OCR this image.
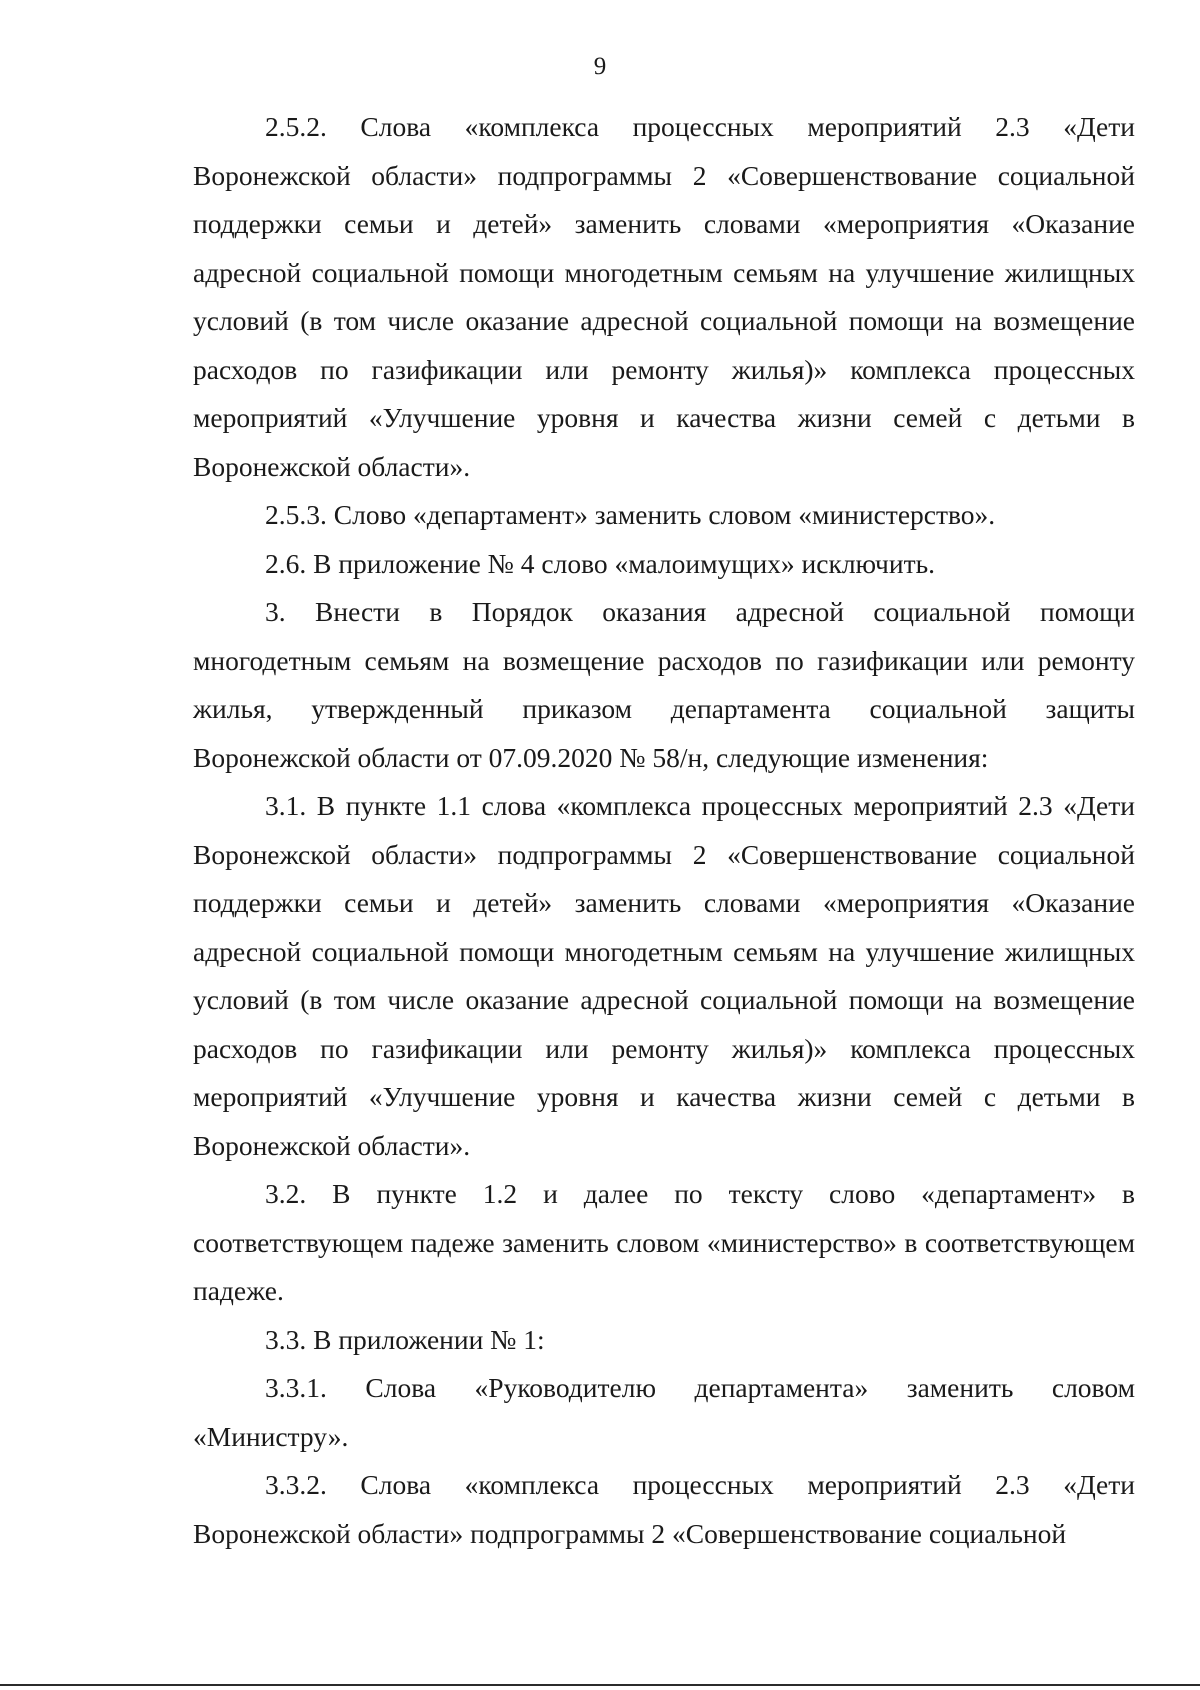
9

2.5.2. Слова «комплекса процессных мероприятий 2.3 «Дети Воронежской области» подпрограммы 2 «Совершенствование социальной поддержки семьи и детей» заменить словами «мероприятия «Оказание адресной социальной помощи многодетным семьям на улучшение жилищных условий (в том числе оказание адресной социальной помощи на возмещение расходов по газификации или ремонту жилья)» комплекса процессных мероприятий «Улучшение уровня и качества жизни семей с детьми в Воронежской области».

2.5.3. Слово «департамент» заменить словом «министерство».

2.6. В приложение № 4 слово «малоимущих» исключить.

3. Внести в Порядок оказания адресной социальной помощи многодетным семьям на возмещение расходов по газификации или ремонту жилья, утвержденный приказом департамента социальной защиты Воронежской области от 07.09.2020 № 58/н, следующие изменения:

3.1. В пункте 1.1 слова «комплекса процессных мероприятий 2.3 «Дети Воронежской области» подпрограммы 2 «Совершенствование социальной поддержки семьи и детей» заменить словами «мероприятия «Оказание адресной социальной помощи многодетным семьям на улучшение жилищных условий (в том числе оказание адресной социальной помощи на возмещение расходов по газификации или ремонту жилья)» комплекса процессных мероприятий «Улучшение уровня и качества жизни семей с детьми в Воронежской области».

3.2. В пункте 1.2 и далее по тексту слово «департамент» в соответствующем падеже заменить словом «министерство» в соответствующем падеже.

3.3. В приложении № 1:

3.3.1. Слова «Руководителю департамента» заменить словом «Министру».

3.3.2. Слова «комплекса процессных мероприятий 2.3 «Дети Воронежской области» подпрограммы 2 «Совершенствование социальной
